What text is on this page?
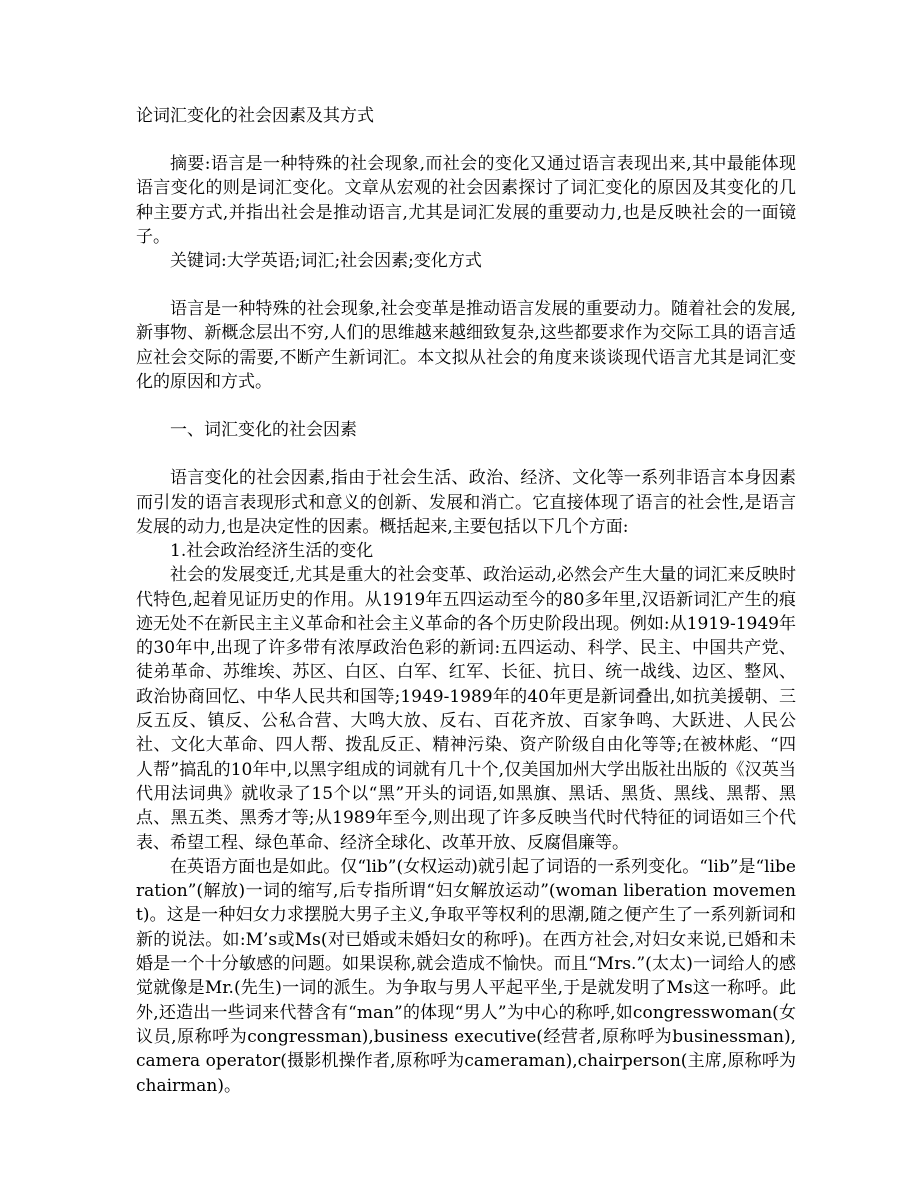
论词汇变化的社会因素及其方式

摘要:语言是一种特殊的社会现象,而社会的变化又通过语言表现出来,其中最能体现语言变化的则是词汇变化。文章从宏观的社会因素探讨了词汇变化的原因及其变化的几种主要方式,并指出社会是推动语言,尤其是词汇发展的重要动力,也是反映社会的一面镜子。

关键词:大学英语;词汇;社会因素;变化方式

语言是一种特殊的社会现象,社会变革是推动语言发展的重要动力。随着社会的发展,新事物、新概念层出不穷,人们的思维越来越细致复杂,这些都要求作为交际工具的语言适应社会交际的需要,不断产生新词汇。本文拟从社会的角度来谈谈现代语言尤其是词汇变化的原因和方式。

一、词汇变化的社会因素

语言变化的社会因素,指由于社会生活、政治、经济、文化等一系列非语言本身因素而引发的语言表现形式和意义的创新、发展和消亡。它直接体现了语言的社会性,是语言发展的动力,也是决定性的因素。概括起来,主要包括以下几个方面:

1.社会政治经济生活的变化

社会的发展变迁,尤其是重大的社会变革、政治运动,必然会产生大量的词汇来反映时代特色,起着见证历史的作用。从1919年五四运动至今的80多年里,汉语新词汇产生的痕迹无处不在新民主主义革命和社会主义革命的各个历史阶段出现。例如:从1919-1949年的30年中,出现了许多带有浓厚政治色彩的新词:五四运动、科学、民主、中国共产党、徒弟革命、苏维埃、苏区、白区、白军、红军、长征、抗日、统一战线、边区、整风、政治协商回忆、中华人民共和国等;1949-1989年的40年更是新词叠出,如抗美援朝、三反五反、镇反、公私合营、大鸣大放、反右、百花齐放、百家争鸣、大跃进、人民公社、文化大革命、四人帮、拨乱反正、精神污染、资产阶级自由化等等;在被林彪、“四人帮”搞乱的10年中,以黑字组成的词就有几十个,仅美国加州大学出版社出版的《汉英当代用法词典》就收录了15个以“黑”开头的词语,如黑旗、黑话、黑货、黑线、黑帮、黑点、黑五类、黑秀才等;从1989年至今,则出现了许多反映当代时代特征的词语如三个代表、希望工程、绿色革命、经济全球化、改革开放、反腐倡廉等。

在英语方面也是如此。仅“lib”(女权运动)就引起了词语的一系列变化。“lib”是“liberation”(解放)一词的缩写,后专指所谓“妇女解放运动”(woman liberation movement)。这是一种妇女力求摆脱大男子主义,争取平等权利的思潮,随之便产生了一系列新词和新的说法。如:M’s或Ms(对已婚或未婚妇女的称呼)。在西方社会,对妇女来说,已婚和未婚是一个十分敏感的问题。如果误称,就会造成不愉快。而且“Mrs.”(太太)一词给人的感觉就像是Mr.(先生)一词的派生。为争取与男人平起平坐,于是就发明了Ms这一称呼。此外,还造出一些词来代替含有“man”的体现“男人”为中心的称呼,如congresswoman(女议员,原称呼为congressman),business executive(经营者,原称呼为businessman),camera operator(摄影机操作者,原称呼为cameraman),chairperson(主席,原称呼为chairman)。
